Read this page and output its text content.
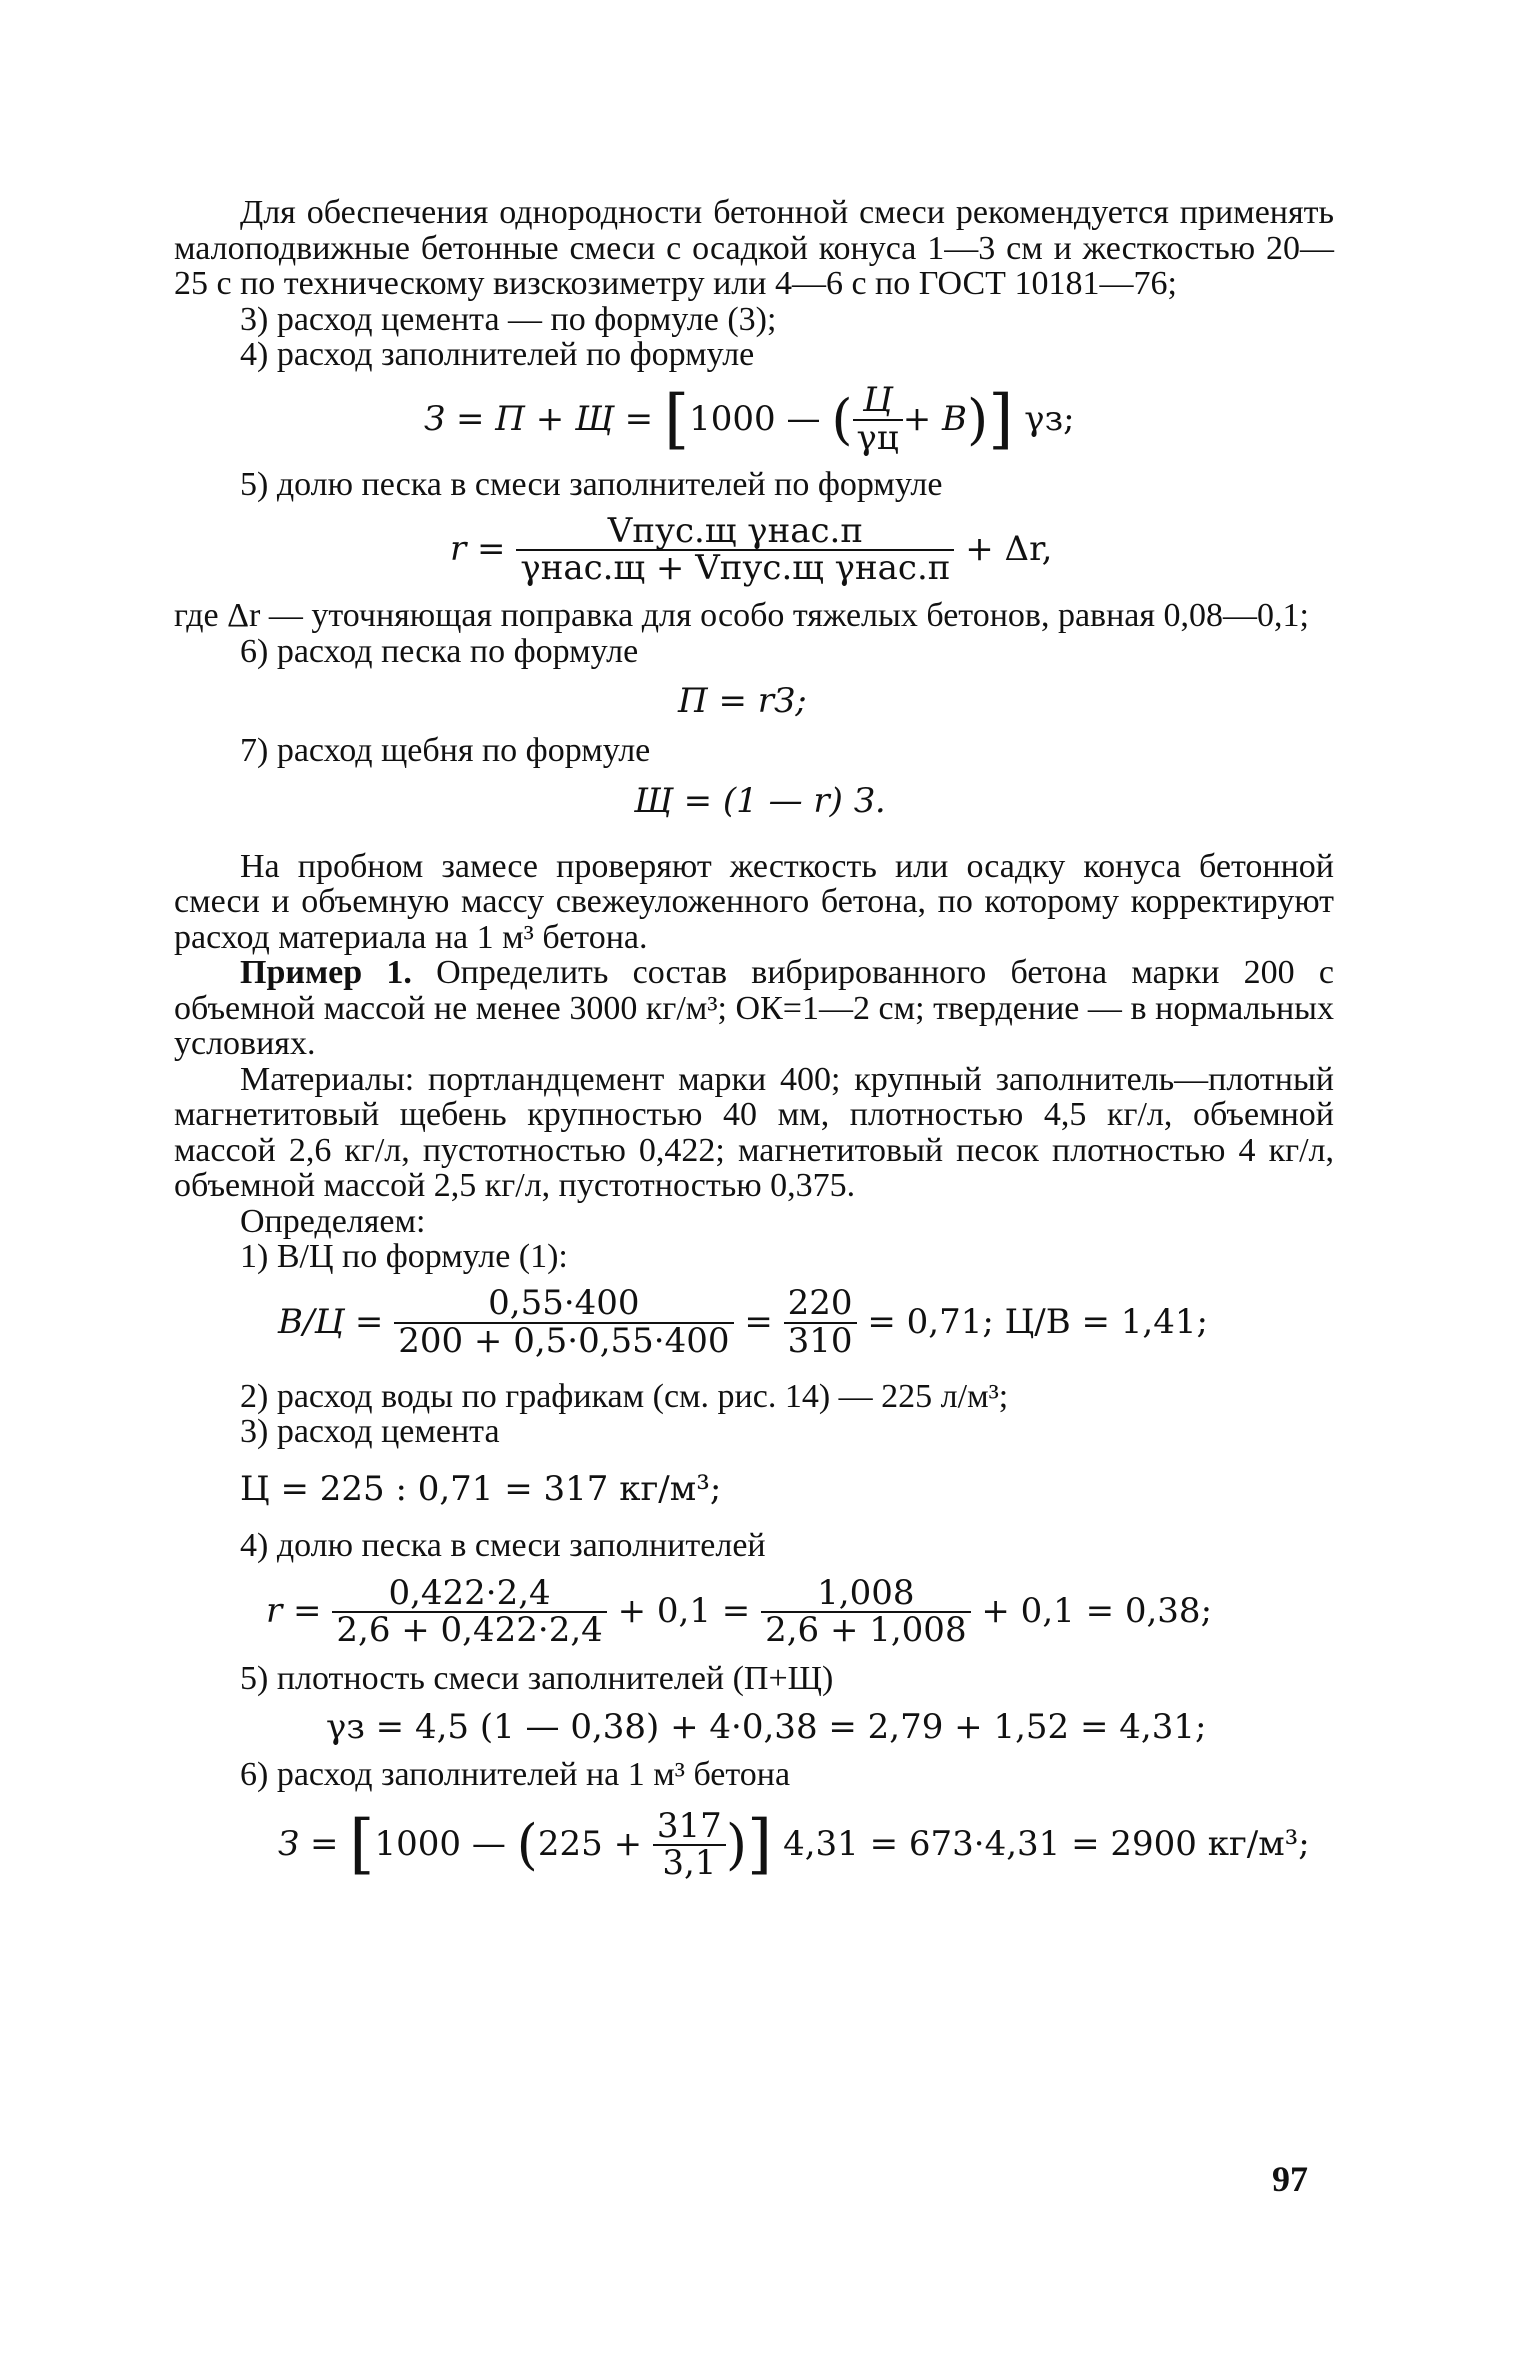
Для обеспечения однородности бетонной смеси рекомендуется применять малоподвижные бетонные смеси с осадкой конуса 1—3 см и жесткостью 20—25 с по техническому визскозиметру или 4—6 с по ГОСТ 10181—76;

3) расход цемента — по формуле (3);

4) расход заполнителей по формуле

З = П + Щ =
[ 1000 —
( $\frac{Ц}{\gamma ц} + В$ ) ]
γз;

5) долю песка в смеси заполнителей по формуле

r =
$\frac{\text{Vпус.щ γнас.п}}{\text{γнас.щ + Vпус.щ γнас.п}}$
+ Δr,

где Δr — уточняющая поправка для особо тяжелых бетонов, равная 0,08—0,1;

6) расход песка по формуле

П = rЗ;

7) расход щебня по формуле

Щ = (1 — r) З.

На пробном замесе проверяют жесткость или осадку конуса бетонной смеси и объемную массу свежеуложенного бетона, по которому корректируют расход материала на 1 м³ бетона.

Пример 1. Определить состав вибрированного бетона марки 200 с объемной массой не менее 3000 кг/м³; ОК=1—2 см; твердение — в нормальных условиях.

Материалы: портландцемент марки 400; крупный заполнитель—плотный магнетитовый щебень крупностью 40 мм, плотностью 4,5 кг/л, объемной массой 2,6 кг/л, пустотностью 0,422; магнетитовый песок плотностью 4 кг/л, объемной массой 2,5 кг/л, пустотностью 0,375.

Определяем:

1) В/Ц по формуле (1):

В/Ц =
$\frac{0,55\cdot 400}{200 + 0,5\cdot 0,55\cdot 400}$
=
$\frac{220}{310}$
= 0,71; Ц/В = 1,41;

2) расход воды по графикам (см. рис. 14) — 225 л/м³;

3) расход цемента

Ц = 225 : 0,71 = 317 кг/м³;

4) долю песка в смеси заполнителей

r =
$\frac{0,422\cdot 2,4}{2,6 + 0,422\cdot 2,4}$
+ 0,1 =
$\frac{1,008}{2,6 + 1,008}$
+ 0,1 = 0,38;

5) плотность смеси заполнителей (П+Щ)

γз = 4,5 (1 — 0,38) + 4·0,38 = 2,79 + 1,52 = 4,31;

6) расход заполнителей на 1 м³ бетона

З =
[ 1000 —
( 225 +
$\frac{317}{3,1}$ ) ]
4,31 = 673·4,31 = 2900 кг/м³;
97
